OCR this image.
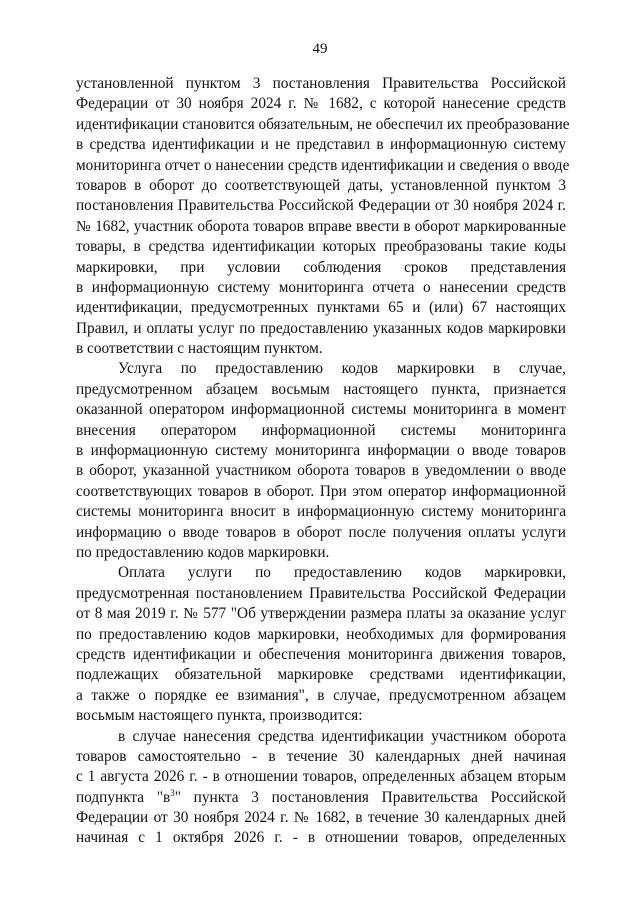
49
установленной пунктом 3 постановления Правительства Российской
Федерации от 30 ноября 2024 г. № 1682, с которой нанесение средств
идентификации становится обязательным, не обеспечил их преобразование
в средства идентификации и не представил в информационную систему
мониторинга отчет о нанесении средств идентификации и сведения о вводе
товаров в оборот до соответствующей даты, установленной пунктом 3
постановления Правительства Российской Федерации от 30 ноября 2024 г.
№ 1682, участник оборота товаров вправе ввести в оборот маркированные
товары, в средства идентификации которых преобразованы такие коды
маркировки, при условии соблюдения сроков представления
в информационную систему мониторинга отчета о нанесении средств
идентификации, предусмотренных пунктами 65 и (или) 67 настоящих
Правил, и оплаты услуг по предоставлению указанных кодов маркировки
в соответствии с настоящим пунктом.
Услуга по предоставлению кодов маркировки в случае,
предусмотренном абзацем восьмым настоящего пункта, признается
оказанной оператором информационной системы мониторинга в момент
внесения оператором информационной системы мониторинга
в информационную систему мониторинга информации о вводе товаров
в оборот, указанной участником оборота товаров в уведомлении о вводе
соответствующих товаров в оборот. При этом оператор информационной
системы мониторинга вносит в информационную систему мониторинга
информацию о вводе товаров в оборот после получения оплаты услуги
по предоставлению кодов маркировки.
Оплата услуги по предоставлению кодов маркировки,
предусмотренная постановлением Правительства Российской Федерации
от 8 мая 2019 г. № 577 "Об утверждении размера платы за оказание услуг
по предоставлению кодов маркировки, необходимых для формирования
средств идентификации и обеспечения мониторинга движения товаров,
подлежащих обязательной маркировке средствами идентификации,
а также о порядке ее взимания", в случае, предусмотренном абзацем
восьмым настоящего пункта, производится:
в случае нанесения средства идентификации участником оборота
товаров самостоятельно - в течение 30 календарных дней начиная
с 1 августа 2026 г. - в отношении товаров, определенных абзацем вторым
подпункта "$в^3$" пункта 3 постановления Правительства Российской
Федерации от 30 ноября 2024 г. № 1682, в течение 30 календарных дней
начиная с 1 октября 2026 г. - в отношении товаров, определенных
